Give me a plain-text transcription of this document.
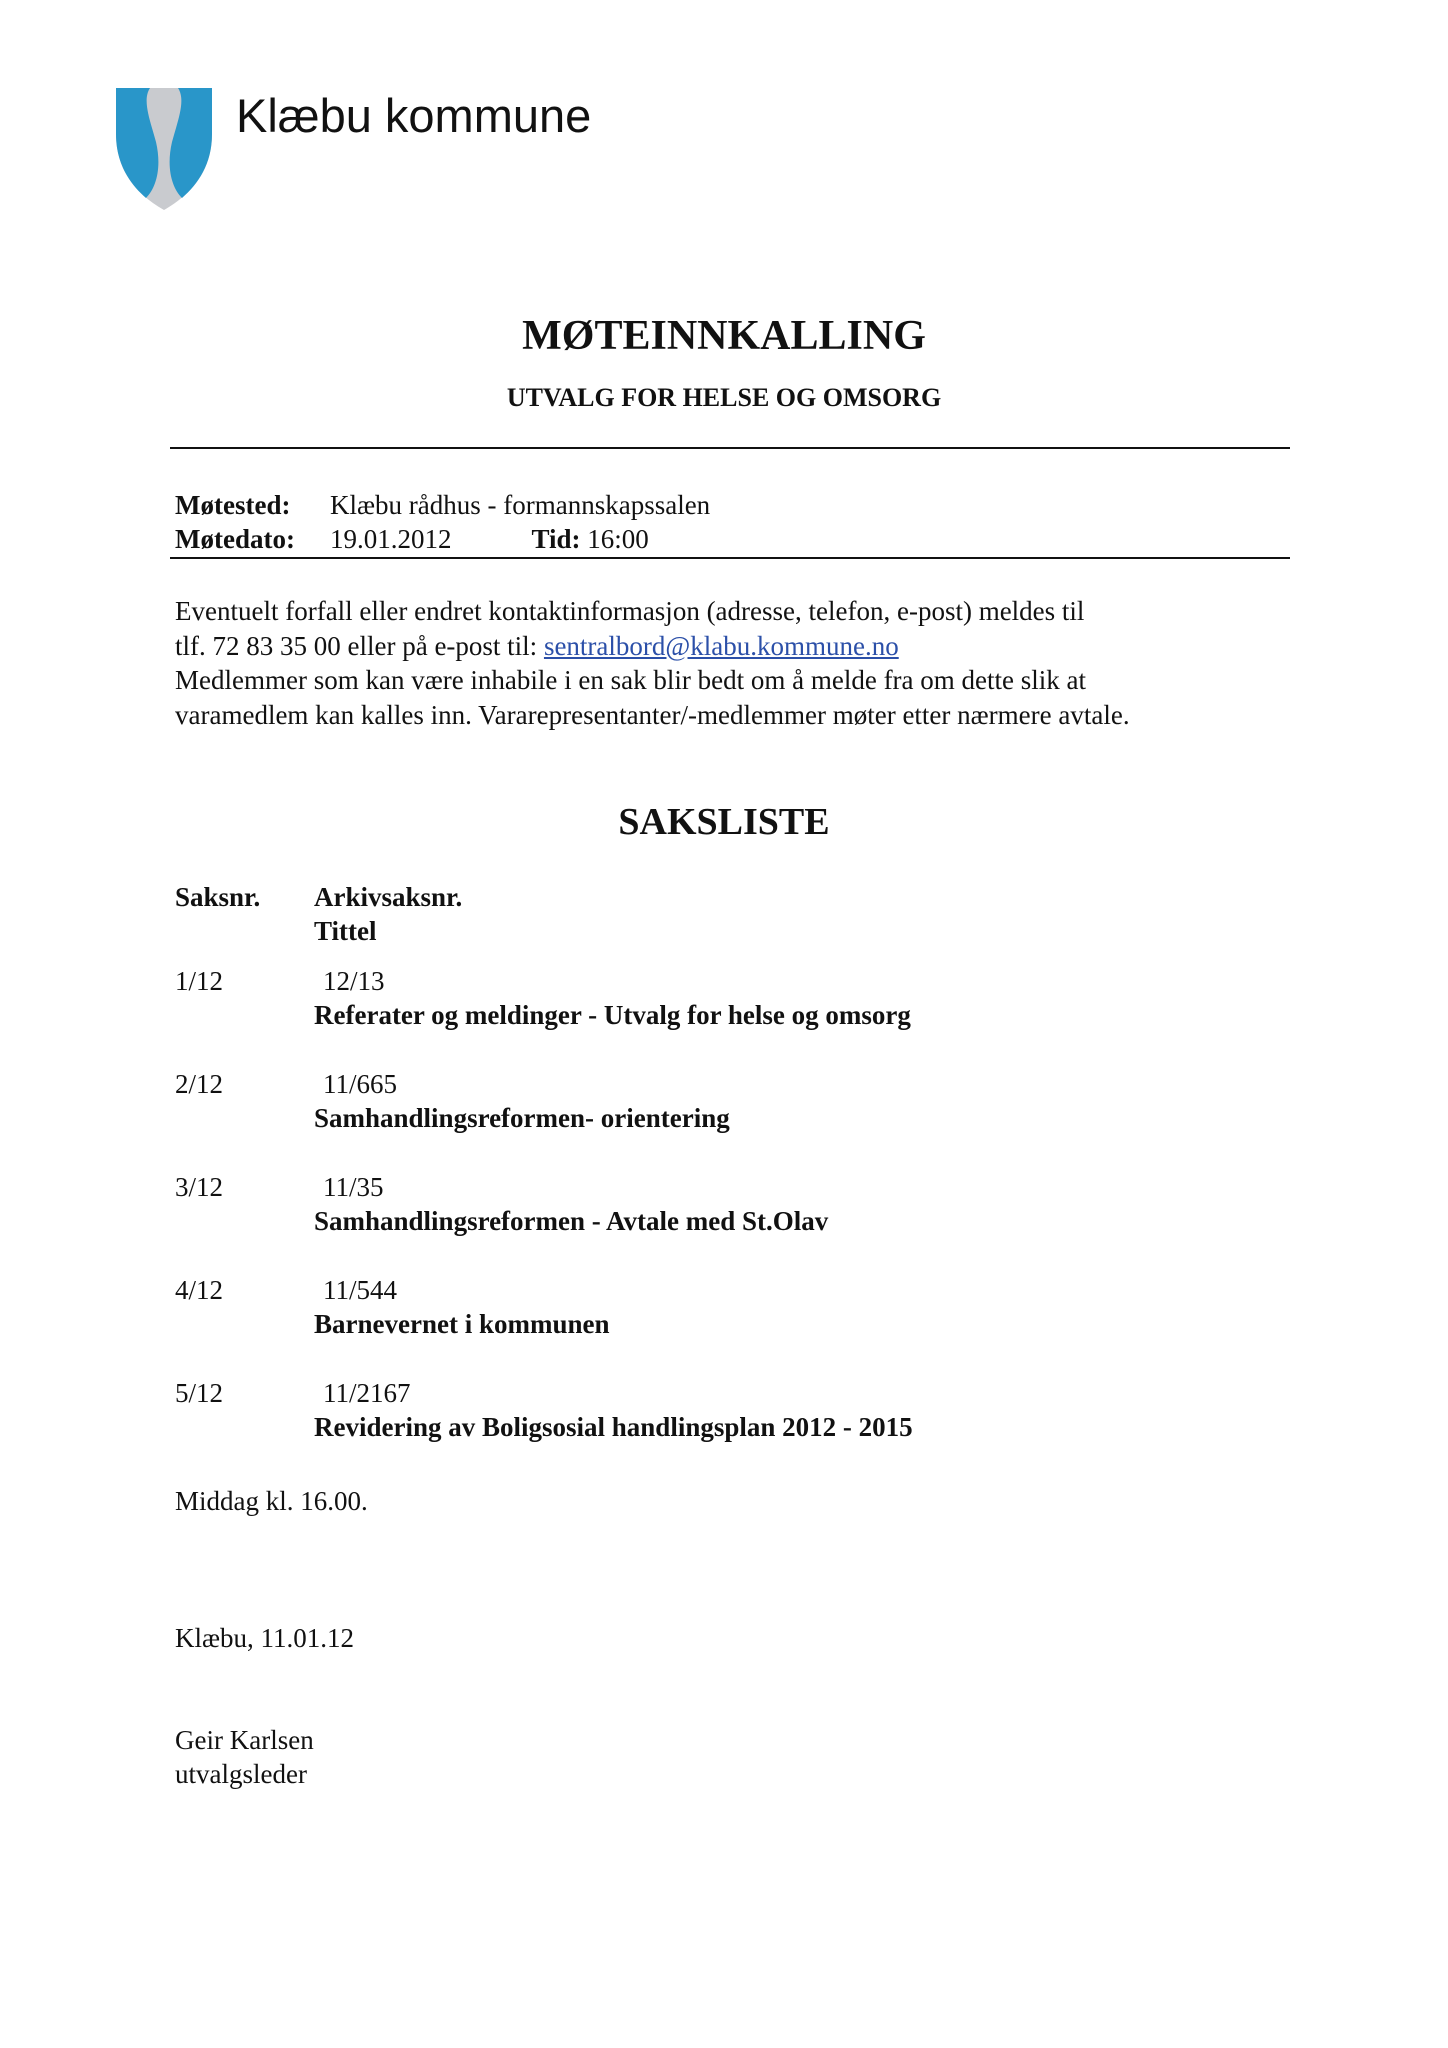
Klæbu kommune
MØTEINNKALLING
UTVALG FOR HELSE OG OMSORG
Møtested: Klæbu rådhus - formannskapssalen
Møtedato: 19.01.2012	Tid: 16:00

Eventuelt forfall eller endret kontaktinformasjon (adresse, telefon, e-post) meldes til

tlf. 72 83 35 00 eller på e-post til: sentralbord@klabu.kommune.no

Medlemmer som kan være inhabile i en sak blir bedt om å melde fra om dette slik at

varamedlem kan kalles inn. Vararepresentanter/-medlemmer møter etter nærmere avtale.

SAKSLISTE
Saksnr. Arkivsaksnr.
Tittel
1/12	12/13
Referater og meldinger - Utvalg for helse og omsorg
2/12	11/665
Samhandlingsreformen- orientering
3/12	11/35
Samhandlingsreformen - Avtale med St.Olav
4/12	11/544
Barnevernet i kommunen
5/12	11/2167
Revidering av Boligsosial handlingsplan 2012 - 2015
Middag kl. 16.00.
Klæbu, 11.01.12
Geir Karlsen
utvalgsleder
